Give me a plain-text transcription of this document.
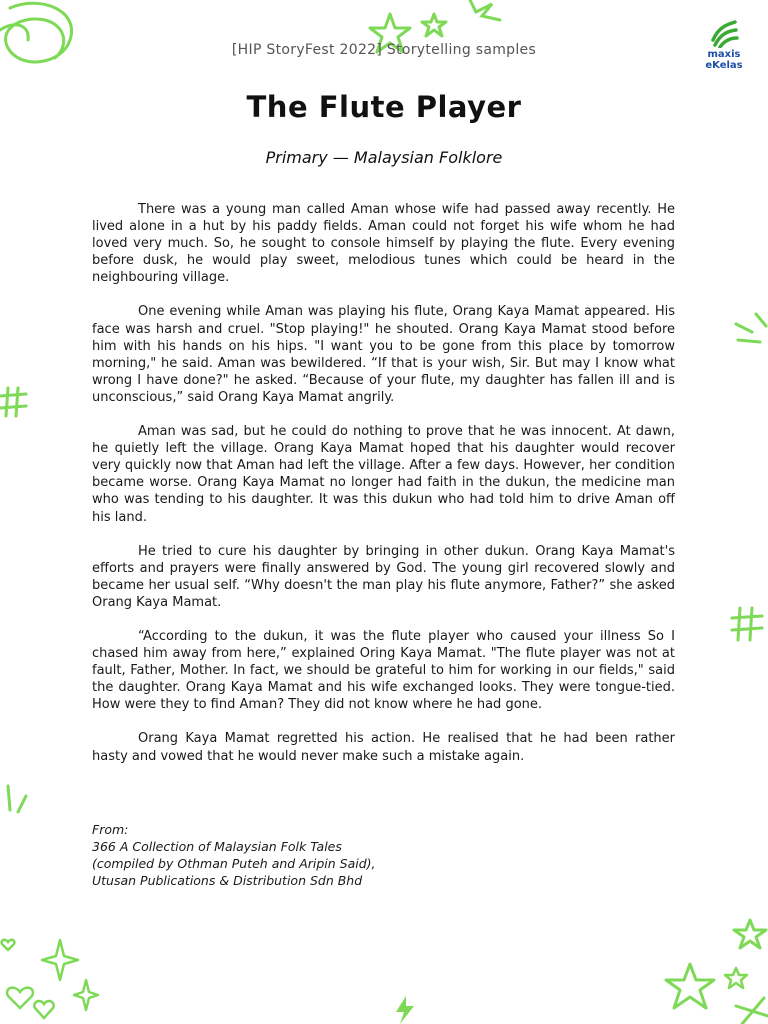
[HIP StoryFest 2022] Storytelling samples	maxis
eKelas
The Flute Player
Primary — Malaysian Folklore

There was a young man called Aman whose wife had passed away recently. He lived alone in a hut by his paddy fields. Aman could not forget his wife whom he had loved very much. So, he sought to console himself by playing the flute. Every evening before dusk, he would play sweet, melodious tunes which could be heard in the neighbouring village.

One evening while Aman was playing his flute, Orang Kaya Mamat appeared. His face was harsh and cruel. "Stop playing!" he shouted. Orang Kaya Mamat stood before him with his hands on his hips. "I want you to be gone from this place by tomorrow morning," he said. Aman was bewildered. “If that is your wish, Sir. But may I know what wrong I have done?" he asked. “Because of your flute, my daughter has fallen ill and is unconscious,” said Orang Kaya Mamat angrily.

Aman was sad, but he could do nothing to prove that he was innocent. At dawn, he quietly left the village. Orang Kaya Mamat hoped that his daughter would recover very quickly now that Aman had left the village. After a few days. However, her condition became worse. Orang Kaya Mamat no longer had faith in the dukun, the medicine man who was tending to his daughter. It was this dukun who had told him to drive Aman off his land.

He tried to cure his daughter by bringing in other dukun. Orang Kaya Mamat's efforts and prayers were finally answered by God. The young girl recovered slowly and became her usual self. “Why doesn't the man play his flute anymore, Father?” she asked Orang Kaya Mamat.

“According to the dukun, it was the flute player who caused your illness So I chased him away from here,” explained Oring Kaya Mamat. "The flute player was not at fault, Father, Mother. In fact, we should be grateful to him for working in our fields," said the daughter. Orang Kaya Mamat and his wife exchanged looks. They were tongue-tied. How were they to find Aman? They did not know where he had gone.

Orang Kaya Mamat regretted his action. He realised that he had been rather hasty and vowed that he would never make such a mistake again.

From:
366 A Collection of Malaysian Folk Tales
(compiled by Othman Puteh and Aripin Said),
Utusan Publications & Distribution Sdn Bhd
